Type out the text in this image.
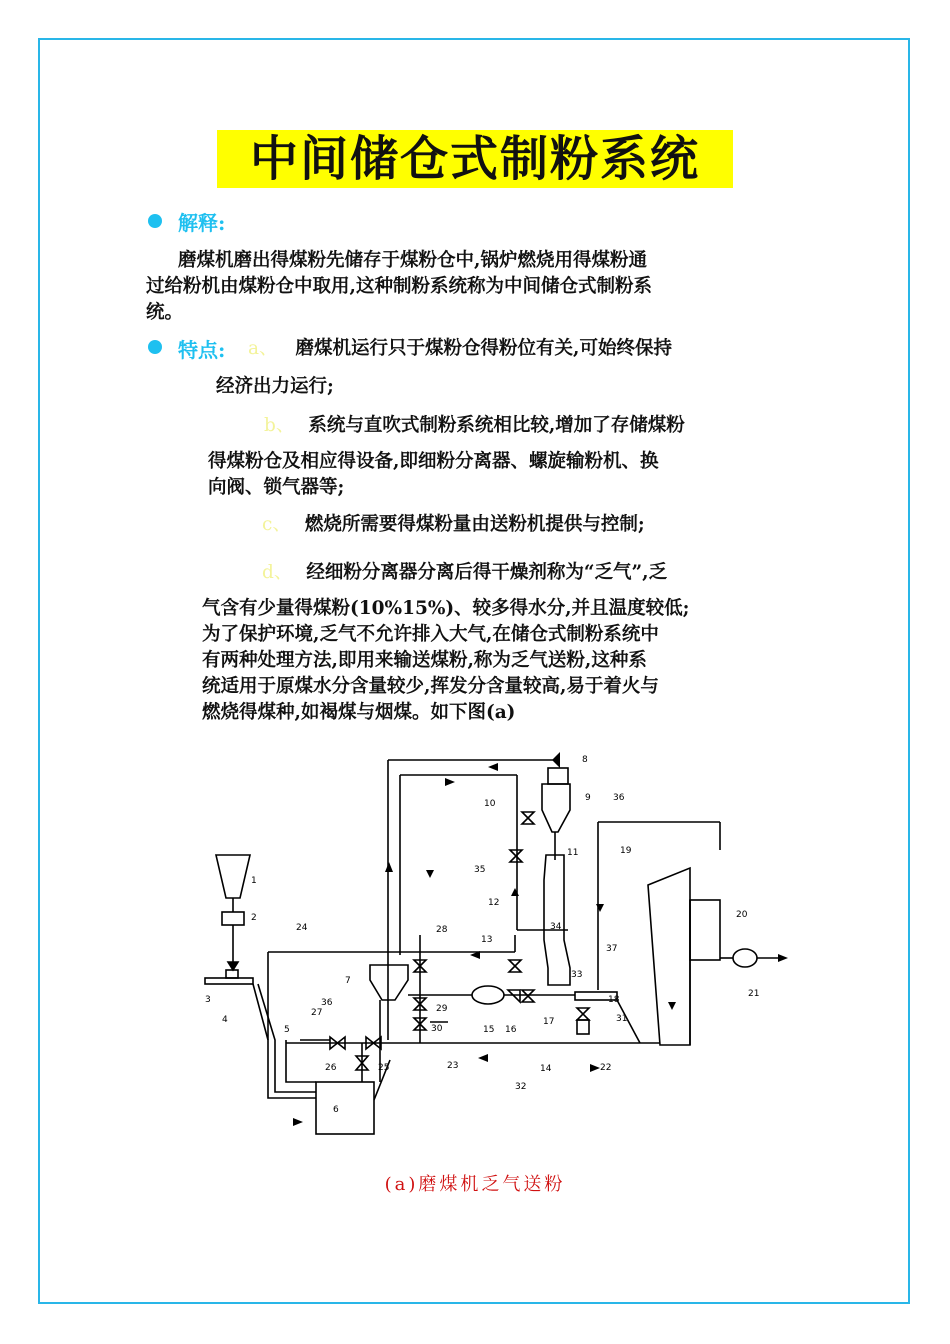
中间储仓式制粉系统
解释:
磨煤机磨出得煤粉先储存于煤粉仓中,锅炉燃烧用得煤粉通
过给粉机由煤粉仓中取用,这种制粉系统称为中间储仓式制粉系
统。
特点: a、 磨煤机运行只于煤粉仓得粉位有关,可始终保持
经济出力运行;
b、 系统与直吹式制粉系统相比较,增加了存储煤粉
得煤粉仓及相应得设备,即细粉分离器、螺旋输粉机、换
向阀、锁气器等;
c、 燃烧所需要得煤粉量由送粉机提供与控制;
d、 经细粉分离器分离后得干燥剂称为“乏气”,乏
气含有少量得煤粉(10%15%)、较多得水分,并且温度较低;
为了保护环境,乏气不允许排入大气,在储仓式制粉系统中
有两种处理方法,即用来输送煤粉,称为乏气送粉,这种系
统适用于原煤水分含量较少,挥发分含量较高,易于着火与
燃烧得煤种,如褐煤与烟煤。如下图(a)
1
2
3
4
5
6
7
8
9
10
11
12
13
14
15 16
17
18
19
20
21
22
23
24
25
26
27
28
29
30
31
32
33
34
35
36
36
37
(a)磨煤机乏气送粉
